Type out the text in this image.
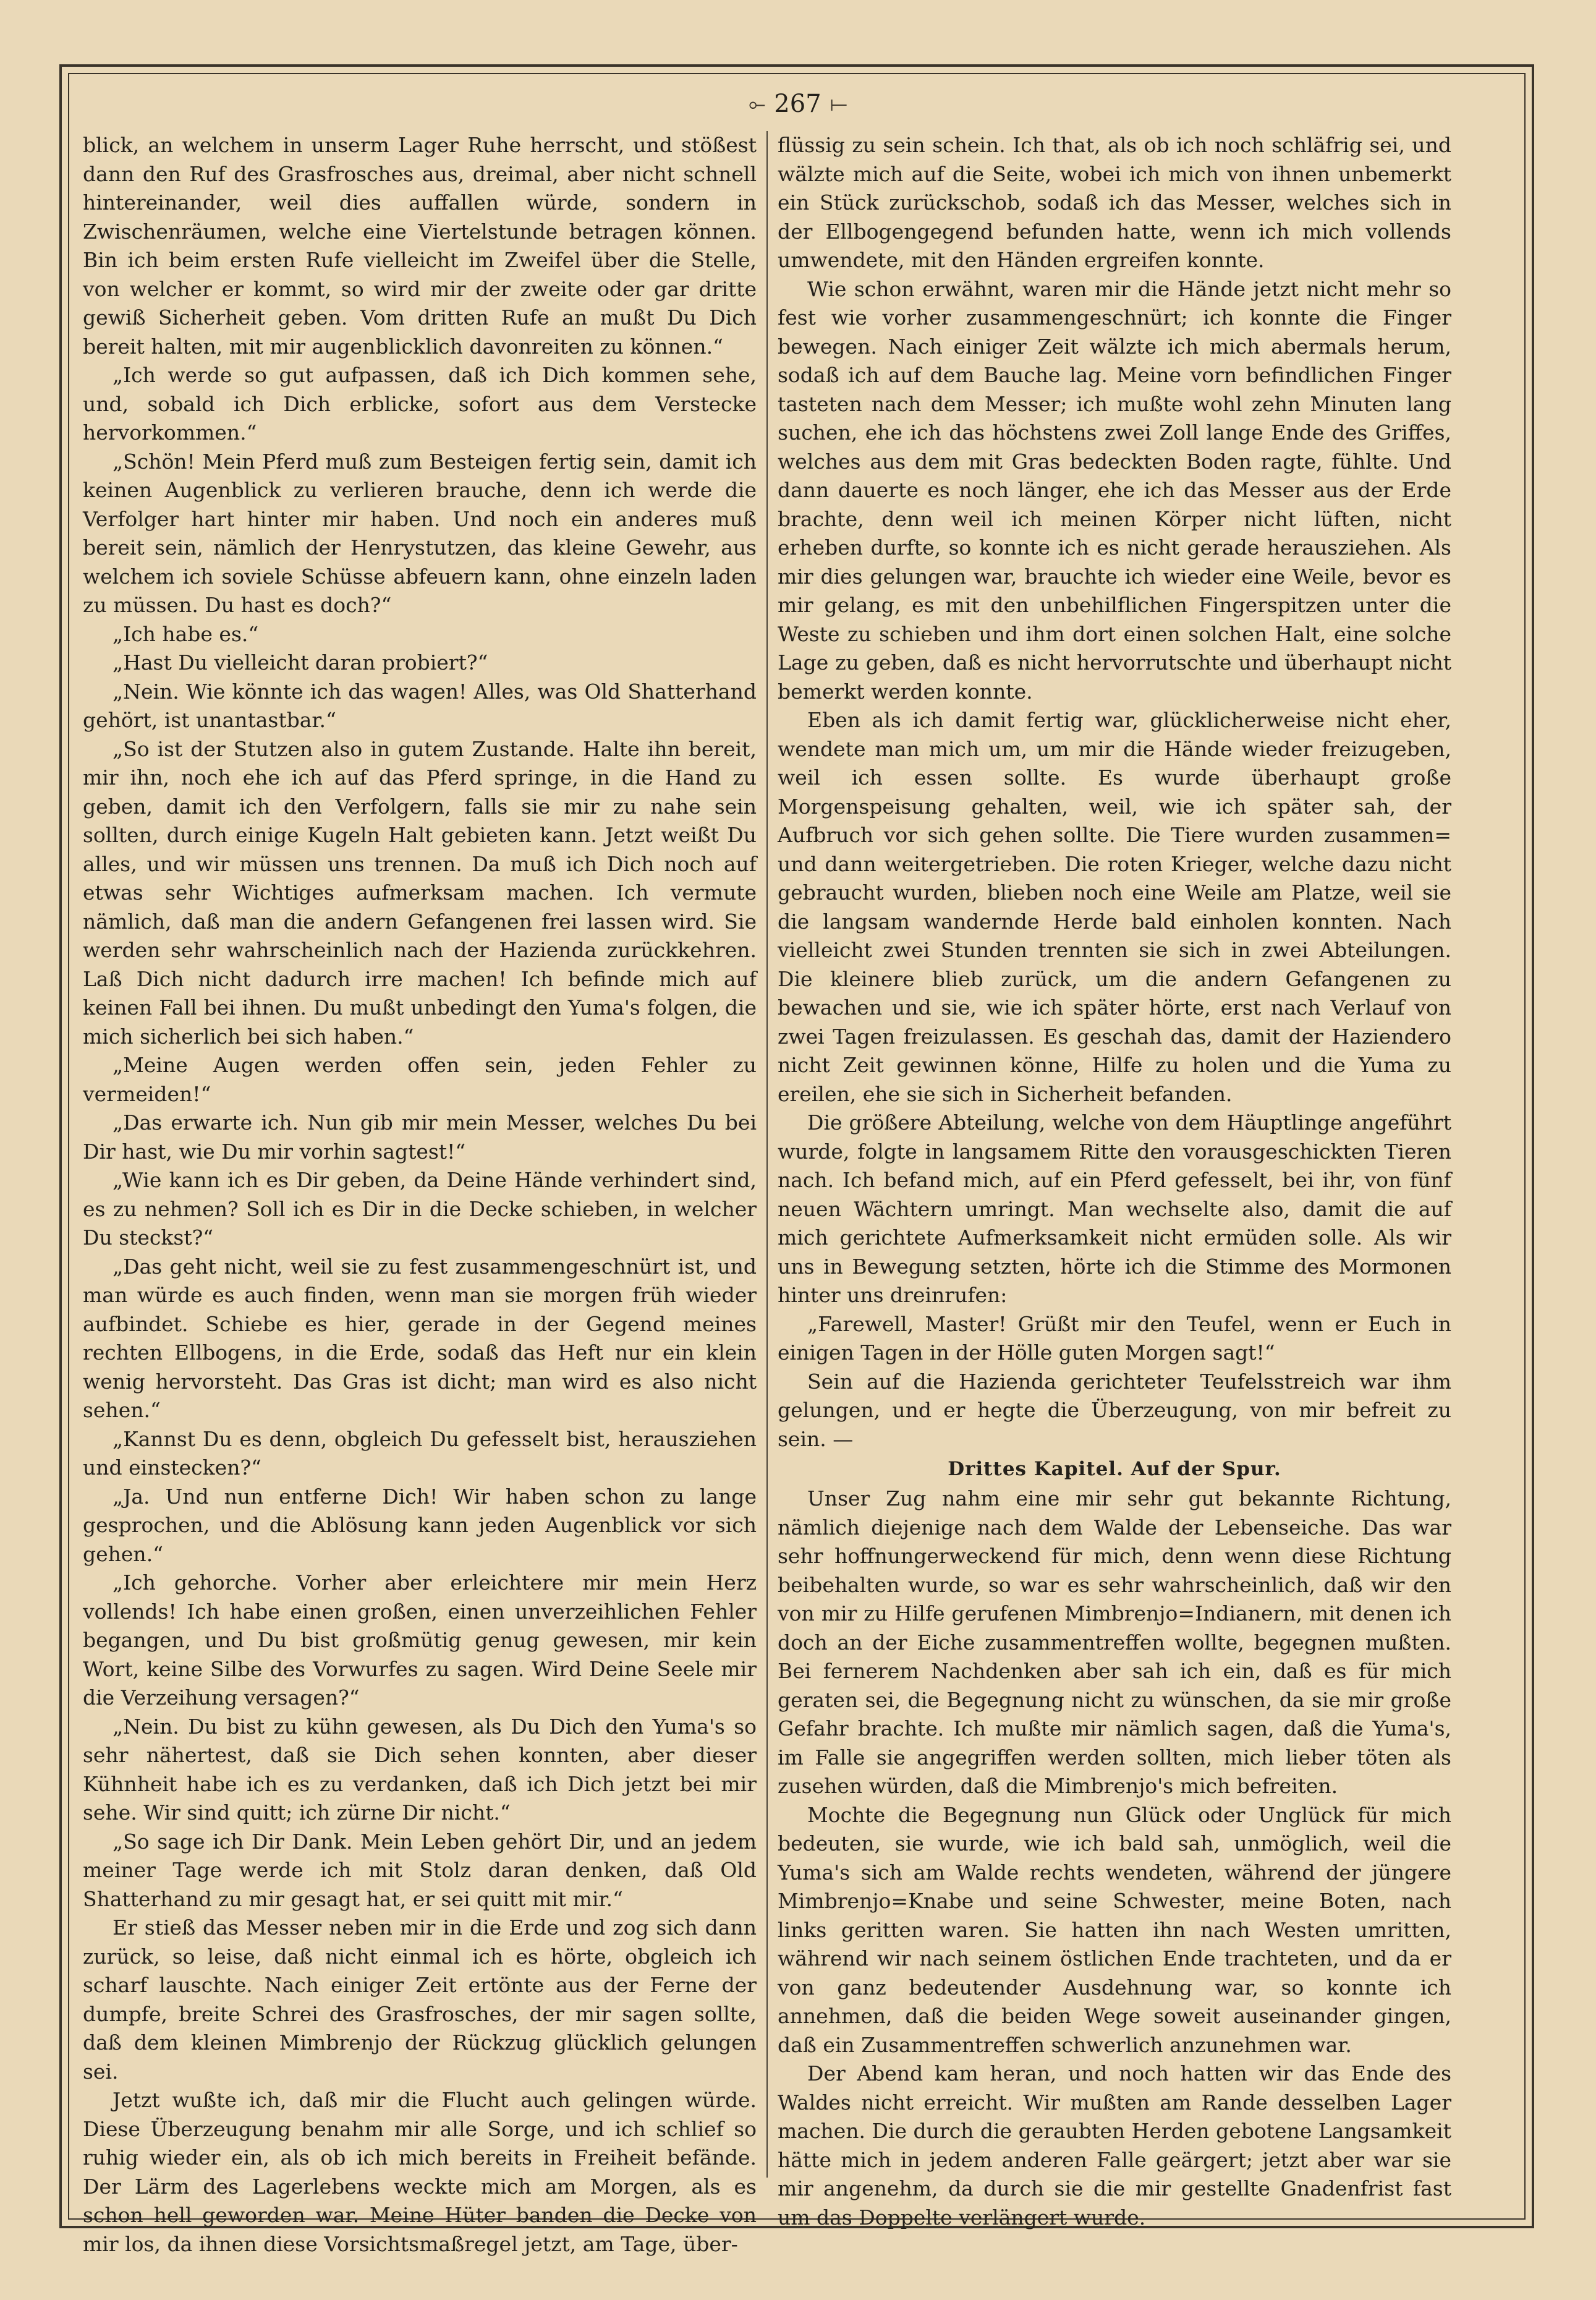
⟜ 267 ⟝

blick, an welchem in unserm Lager Ruhe herrscht, und stößest dann den Ruf des Grasfrosches aus, dreimal, aber nicht schnell hintereinander, weil dies auffallen würde, sondern in Zwischenräumen, welche eine Viertelstunde betragen können. Bin ich beim ersten Rufe vielleicht im Zweifel über die Stelle, von welcher er kommt, so wird mir der zweite oder gar dritte gewiß Sicherheit geben. Vom dritten Rufe an mußt Du Dich bereit halten, mit mir augenblicklich davonreiten zu können.“

„Ich werde so gut aufpassen, daß ich Dich kommen sehe, und, sobald ich Dich erblicke, sofort aus dem Verstecke hervorkommen.“

„Schön! Mein Pferd muß zum Besteigen fertig sein, damit ich keinen Augenblick zu verlieren brauche, denn ich werde die Verfolger hart hinter mir haben. Und noch ein anderes muß bereit sein, nämlich der Henrystutzen, das kleine Gewehr, aus welchem ich soviele Schüsse abfeuern kann, ohne einzeln laden zu müssen. Du hast es doch?“

„Ich habe es.“

„Hast Du vielleicht daran probiert?“

„Nein. Wie könnte ich das wagen! Alles, was Old Shatterhand gehört, ist unantastbar.“

„So ist der Stutzen also in gutem Zustande. Halte ihn bereit, mir ihn, noch ehe ich auf das Pferd springe, in die Hand zu geben, damit ich den Verfolgern, falls sie mir zu nahe sein sollten, durch einige Kugeln Halt gebieten kann. Jetzt weißt Du alles, und wir müssen uns trennen. Da muß ich Dich noch auf etwas sehr Wichtiges aufmerksam machen. Ich vermute nämlich, daß man die andern Gefangenen frei lassen wird. Sie werden sehr wahrscheinlich nach der Hazienda zurückkehren. Laß Dich nicht dadurch irre machen! Ich befinde mich auf keinen Fall bei ihnen. Du mußt unbedingt den Yuma's folgen, die mich sicherlich bei sich haben.“

„Meine Augen werden offen sein, jeden Fehler zu vermeiden!“

„Das erwarte ich. Nun gib mir mein Messer, welches Du bei Dir hast, wie Du mir vorhin sagtest!“

„Wie kann ich es Dir geben, da Deine Hände verhindert sind, es zu nehmen? Soll ich es Dir in die Decke schieben, in welcher Du steckst?“

„Das geht nicht, weil sie zu fest zusammengeschnürt ist, und man würde es auch finden, wenn man sie morgen früh wieder aufbindet. Schiebe es hier, gerade in der Gegend meines rechten Ellbogens, in die Erde, sodaß das Heft nur ein klein wenig hervorsteht. Das Gras ist dicht; man wird es also nicht sehen.“

„Kannst Du es denn, obgleich Du gefesselt bist, herausziehen und einstecken?“

„Ja. Und nun entferne Dich! Wir haben schon zu lange gesprochen, und die Ablösung kann jeden Augenblick vor sich gehen.“

„Ich gehorche. Vorher aber erleichtere mir mein Herz vollends! Ich habe einen großen, einen unverzeihlichen Fehler begangen, und Du bist großmütig genug gewesen, mir kein Wort, keine Silbe des Vorwurfes zu sagen. Wird Deine Seele mir die Verzeihung versagen?“

„Nein. Du bist zu kühn gewesen, als Du Dich den Yuma's so sehr nähertest, daß sie Dich sehen konnten, aber dieser Kühnheit habe ich es zu verdanken, daß ich Dich jetzt bei mir sehe. Wir sind quitt; ich zürne Dir nicht.“

„So sage ich Dir Dank. Mein Leben gehört Dir, und an jedem meiner Tage werde ich mit Stolz daran denken, daß Old Shatterhand zu mir gesagt hat, er sei quitt mit mir.“

Er stieß das Messer neben mir in die Erde und zog sich dann zurück, so leise, daß nicht einmal ich es hörte, obgleich ich scharf lauschte. Nach einiger Zeit ertönte aus der Ferne der dumpfe, breite Schrei des Grasfrosches, der mir sagen sollte, daß dem kleinen Mimbrenjo der Rückzug glücklich gelungen sei.

Jetzt wußte ich, daß mir die Flucht auch gelingen würde. Diese Überzeugung benahm mir alle Sorge, und ich schlief so ruhig wieder ein, als ob ich mich bereits in Freiheit befände. Der Lärm des Lagerlebens weckte mich am Morgen, als es schon hell geworden war. Meine Hüter banden die Decke von mir los, da ihnen diese Vorsichtsmaßregel jetzt, am Tage, über-

flüssig zu sein schein. Ich that, als ob ich noch schläfrig sei, und wälzte mich auf die Seite, wobei ich mich von ihnen unbemerkt ein Stück zurückschob, sodaß ich das Messer, welches sich in der Ellbogengegend befunden hatte, wenn ich mich vollends umwendete, mit den Händen ergreifen konnte.

Wie schon erwähnt, waren mir die Hände jetzt nicht mehr so fest wie vorher zusammengeschnürt; ich konnte die Finger bewegen. Nach einiger Zeit wälzte ich mich abermals herum, sodaß ich auf dem Bauche lag. Meine vorn befindlichen Finger tasteten nach dem Messer; ich mußte wohl zehn Minuten lang suchen, ehe ich das höchstens zwei Zoll lange Ende des Griffes, welches aus dem mit Gras bedeckten Boden ragte, fühlte. Und dann dauerte es noch länger, ehe ich das Messer aus der Erde brachte, denn weil ich meinen Körper nicht lüften, nicht erheben durfte, so konnte ich es nicht gerade herausziehen. Als mir dies gelungen war, brauchte ich wieder eine Weile, bevor es mir gelang, es mit den unbehilflichen Fingerspitzen unter die Weste zu schieben und ihm dort einen solchen Halt, eine solche Lage zu geben, daß es nicht hervorrutschte und überhaupt nicht bemerkt werden konnte.

Eben als ich damit fertig war, glücklicherweise nicht eher, wendete man mich um, um mir die Hände wieder freizugeben, weil ich essen sollte. Es wurde überhaupt große Morgenspeisung gehalten, weil, wie ich später sah, der Aufbruch vor sich gehen sollte. Die Tiere wurden zusammen= und dann weitergetrieben. Die roten Krieger, welche dazu nicht gebraucht wurden, blieben noch eine Weile am Platze, weil sie die langsam wandernde Herde bald einholen konnten. Nach vielleicht zwei Stunden trennten sie sich in zwei Abteilungen. Die kleinere blieb zurück, um die andern Gefangenen zu bewachen und sie, wie ich später hörte, erst nach Verlauf von zwei Tagen freizulassen. Es geschah das, damit der Haziendero nicht Zeit gewinnen könne, Hilfe zu holen und die Yuma zu ereilen, ehe sie sich in Sicherheit befanden.

Die größere Abteilung, welche von dem Häuptlinge angeführt wurde, folgte in langsamem Ritte den vorausgeschickten Tieren nach. Ich befand mich, auf ein Pferd gefesselt, bei ihr, von fünf neuen Wächtern umringt. Man wechselte also, damit die auf mich gerichtete Aufmerksamkeit nicht ermüden solle. Als wir uns in Bewegung setzten, hörte ich die Stimme des Mormonen hinter uns dreinrufen:

„Farewell, Master! Grüßt mir den Teufel, wenn er Euch in einigen Tagen in der Hölle guten Morgen sagt!“

Sein auf die Hazienda gerichteter Teufelsstreich war ihm gelungen, und er hegte die Überzeugung, von mir befreit zu sein. —

Drittes Kapitel. Auf der Spur.

Unser Zug nahm eine mir sehr gut bekannte Richtung, nämlich diejenige nach dem Walde der Lebenseiche. Das war sehr hoffnungerweckend für mich, denn wenn diese Richtung beibehalten wurde, so war es sehr wahrscheinlich, daß wir den von mir zu Hilfe gerufenen Mimbrenjo=Indianern, mit denen ich doch an der Eiche zusammentreffen wollte, begegnen mußten. Bei fernerem Nachdenken aber sah ich ein, daß es für mich geraten sei, die Begegnung nicht zu wünschen, da sie mir große Gefahr brachte. Ich mußte mir nämlich sagen, daß die Yuma's, im Falle sie angegriffen werden sollten, mich lieber töten als zusehen würden, daß die Mimbrenjo's mich befreiten.

Mochte die Begegnung nun Glück oder Unglück für mich bedeuten, sie wurde, wie ich bald sah, unmöglich, weil die Yuma's sich am Walde rechts wendeten, während der jüngere Mimbrenjo=Knabe und seine Schwester, meine Boten, nach links geritten waren. Sie hatten ihn nach Westen umritten, während wir nach seinem östlichen Ende trachteten, und da er von ganz bedeutender Ausdehnung war, so konnte ich annehmen, daß die beiden Wege soweit auseinander gingen, daß ein Zusammentreffen schwerlich anzunehmen war.

Der Abend kam heran, und noch hatten wir das Ende des Waldes nicht erreicht. Wir mußten am Rande desselben Lager machen. Die durch die geraubten Herden gebotene Langsamkeit hätte mich in jedem anderen Falle geärgert; jetzt aber war sie mir angenehm, da durch sie die mir gestellte Gnadenfrist fast um das Doppelte verlängert wurde.
